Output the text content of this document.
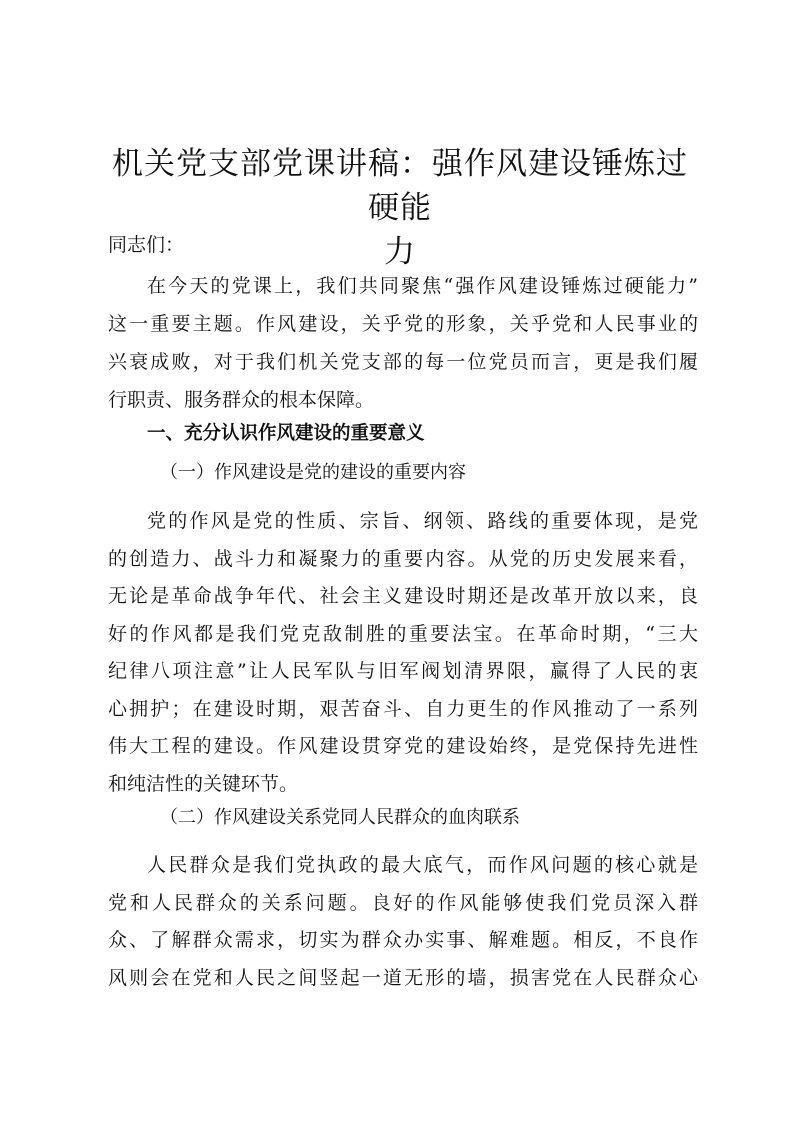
机关党支部党课讲稿：强作风建设锤炼过硬能
力
同志们：
在今天的党课上，我们共同聚焦“强作风建设锤炼过硬能力”
这一重要主题。作风建设，关乎党的形象，关乎党和人民事业的
兴衰成败，对于我们机关党支部的每一位党员而言，更是我们履
行职责、服务群众的根本保障。
一、充分认识作风建设的重要意义
（一）作风建设是党的建设的重要内容
党的作风是党的性质、宗旨、纲领、路线的重要体现，是党
的创造力、战斗力和凝聚力的重要内容。从党的历史发展来看，
无论是革命战争年代、社会主义建设时期还是改革开放以来，良
好的作风都是我们党克敌制胜的重要法宝。在革命时期，“三大
纪律八项注意”让人民军队与旧军阀划清界限，赢得了人民的衷
心拥护；在建设时期，艰苦奋斗、自力更生的作风推动了一系列
伟大工程的建设。作风建设贯穿党的建设始终，是党保持先进性
和纯洁性的关键环节。
（二）作风建设关系党同人民群众的血肉联系
人民群众是我们党执政的最大底气，而作风问题的核心就是
党和人民群众的关系问题。良好的作风能够使我们党员深入群
众、了解群众需求，切实为群众办实事、解难题。相反，不良作
风则会在党和人民之间竖起一道无形的墙，损害党在人民群众心
